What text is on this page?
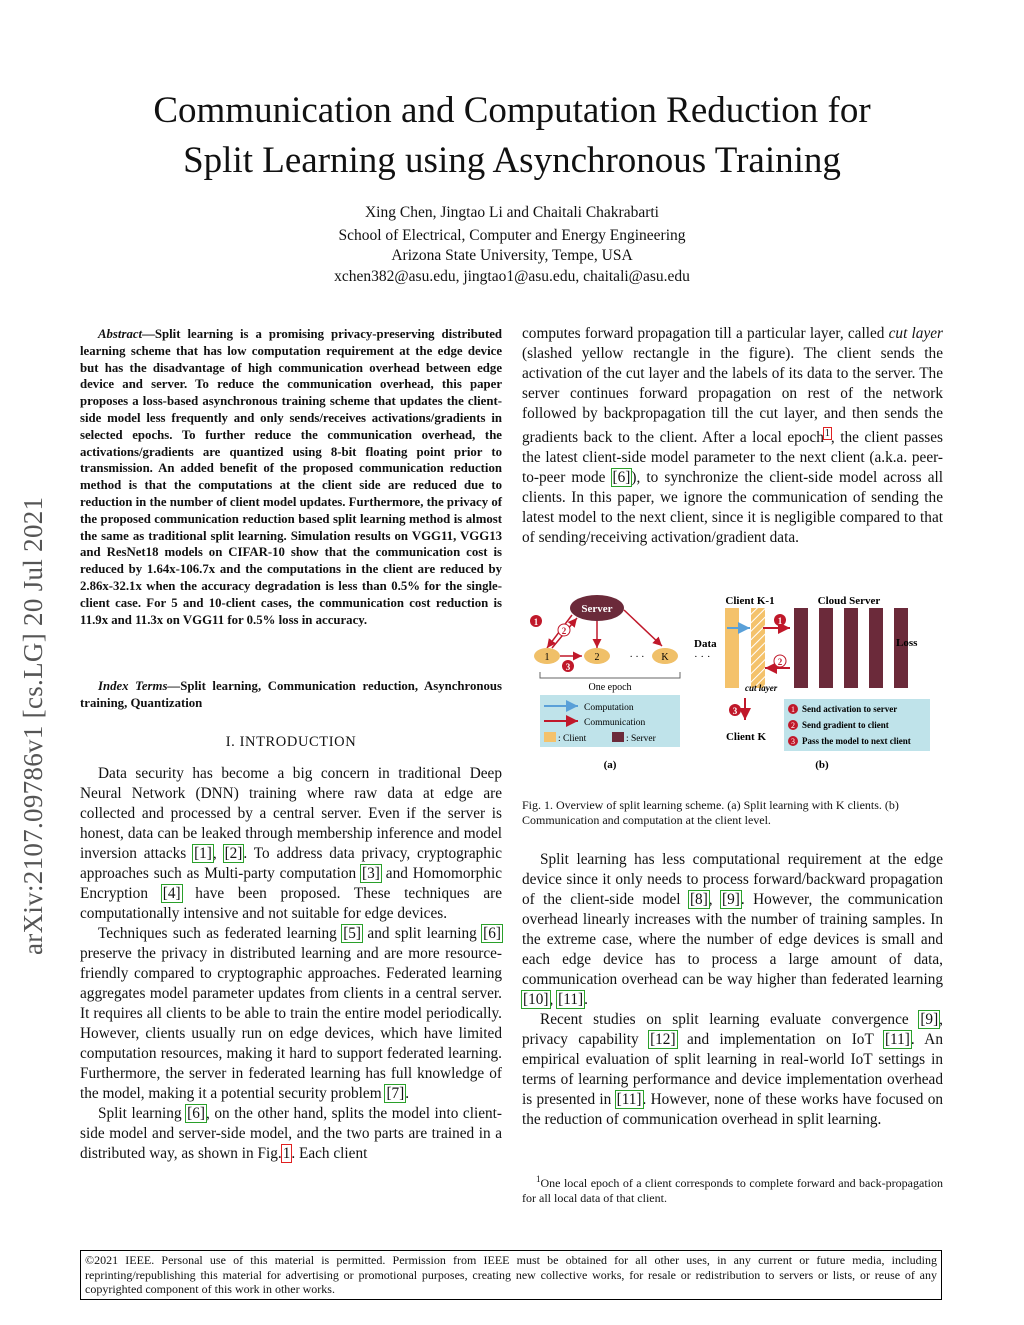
arXiv:2107.09786v1 [cs.LG] 20 Jul 2021
Communication and Computation Reduction for
Split Learning using Asynchronous Training
Xing Chen, Jingtao Li and Chaitali Chakrabarti
School of Electrical, Computer and Energy Engineering
Arizona State University, Tempe, USA
xchen382@asu.edu, jingtao1@asu.edu, chaitali@asu.edu
Abstract—Split learning is a promising privacy-preserving distributed learning scheme that has low computation requirement at the edge device but has the disadvantage of high communication overhead between edge device and server. To reduce the communication overhead, this paper proposes a loss-based asynchronous training scheme that updates the client-side model less frequently and only sends/receives activations/gradients in selected epochs. To further reduce the communication overhead, the activations/gradients are quantized using 8-bit floating point prior to transmission. An added benefit of the proposed communication reduction method is that the computations at the client side are reduced due to reduction in the number of client model updates. Furthermore, the privacy of the proposed communication reduction based split learning method is almost the same as traditional split learning. Simulation results on VGG11, VGG13 and ResNet18 models on CIFAR-10 show that the communication cost is reduced by 1.64x-106.7x and the computations in the client are reduced by 2.86x-32.1x when the accuracy degradation is less than 0.5% for the single-client case. For 5 and 10-client cases, the communication cost reduction is 11.9x and 11.3x on VGG11 for 0.5% loss in accuracy.
Index Terms—Split learning, Communication reduction, Asynchronous training, Quantization
I. INTRODUCTION

Data security has become a big concern in traditional Deep Neural Network (DNN) training where raw data at edge are collected and processed by a central server. Even if the server is honest, data can be leaked through membership inference and model inversion attacks [1], [2]. To address data privacy, cryptographic approaches such as Multi-party computation [3] and Homomorphic Encryption [4] have been proposed. These techniques are computationally intensive and not suitable for edge devices.

Techniques such as federated learning [5] and split learning [6] preserve the privacy in distributed learning and are more resource-friendly compared to cryptographic approaches. Federated learning aggregates model parameter updates from clients in a central server. It requires all clients to be able to train the entire model periodically. However, clients usually run on edge devices, which have limited computation resources, making it hard to support federated learning. Furthermore, the server in federated learning has full knowledge of the model, making it a potential security problem [7].

Split learning [6], on the other hand, splits the model into client-side model and server-side model, and the two parts are trained in a distributed way, as shown in Fig.1. Each client

computes forward propagation till a particular layer, called cut layer (slashed yellow rectangle in the figure). The client sends the activation of the cut layer and the labels of its data to the server. The server continues forward propagation on rest of the network followed by backpropagation till the cut layer, and then sends the gradients back to the client. After a local epoch$^1$, the client passes the latest client-side model parameter to the next client (a.k.a. peer-to-peer mode [6]), to synchronize the client-side model across all clients. In this paper, we ignore the communication of sending the latest model to the next client, since it is negligible compared to that of sending/receiving activation/gradient data.

Server
1	2	· · · K
1
2
3
One epoch
Computation
Communication
: Client	: Server
(a)
Client K-1	Cloud Server
Data
· · ·
Loss
cut layer
1
2
3
Client K
1 Send activation to server
2 Send gradient to client
3 Pass the model to next client
(b)
Fig. 1. Overview of split learning scheme. (a) Split learning with K clients. (b) Communication and computation at the client level.

Split learning has less computational requirement at the edge device since it only needs to process forward/backward propagation of the client-side model [8], [9]. However, the communication overhead linearly increases with the number of training samples. In the extreme case, where the number of edge devices is small and each edge device has to process a large amount of data, communication overhead can be way higher than federated learning [10], [11].

Recent studies on split learning evaluate convergence [9], privacy capability [12] and implementation on IoT [11]. An empirical evaluation of split learning in real-world IoT settings in terms of learning performance and device implementation overhead is presented in [11]. However, none of these works have focused on the reduction of communication overhead in split learning.

$^1$One local epoch of a client corresponds to complete forward and back-propagation for all local data of that client.
©2021 IEEE. Personal use of this material is permitted. Permission from IEEE must be obtained for all other uses, in any current or future media, including reprinting/republishing this material for advertising or promotional purposes, creating new collective works, for resale or redistribution to servers or lists, or reuse of any copyrighted component of this work in other works.
